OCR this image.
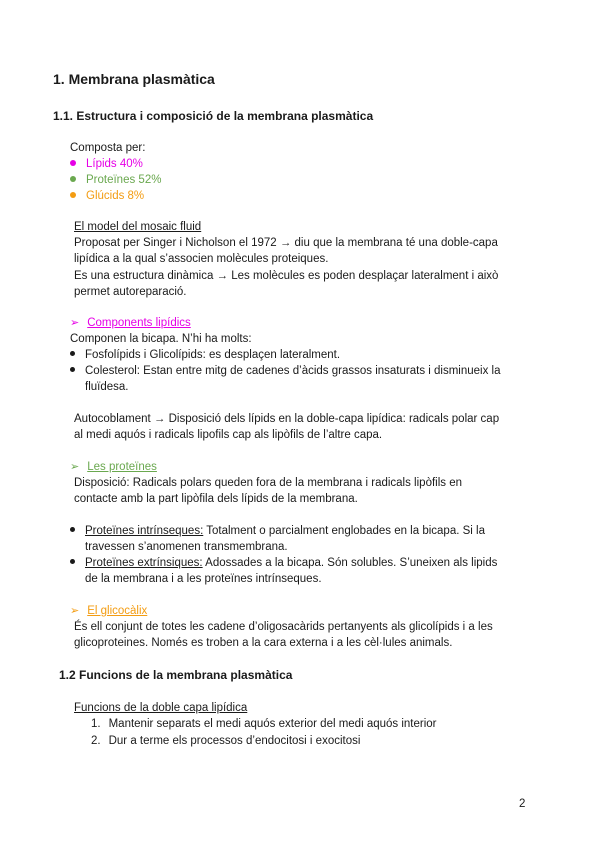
1. Membrana plasmàtica
1.1. Estructura i composició de la membrana plasmàtica
Composta per:
Lípids 40%
Proteïnes 52%
Glúcids 8%
El model del mosaic fluid
Proposat per Singer i Nicholson el 1972 → diu que la membrana té una doble-capa
lipídica a la qual s’associen molècules proteiques.
Es una estructura dinàmica → Les molècules es poden desplaçar lateralment i això
permet autoreparació.
➢ Components lipídics
Componen la bicapa. N’hi ha molts:
Fosfolípids i Glicolípids: es desplaçen lateralment.
Colesterol: Estan entre mitg de cadenes d’àcids grassos insaturats i disminueix la
fluïdesa.
Autocoblament → Disposició dels lípids en la doble-capa lipídica: radicals polar cap
al medi aquós i radicals lipofils cap als lipòfils de l’altre capa.
➢ Les proteïnes
Disposició: Radicals polars queden fora de la membrana i radicals lipòfils en
contacte amb la part lipòfila dels lípids de la membrana.
Proteïnes intrínseques: Totalment o parcialment englobades en la bicapa. Si la
travessen s’anomenen transmembrana.
Proteïnes extrínsiques: Adossades a la bicapa. Són solubles. S’uneixen als lipids
de la membrana i a les proteïnes intrínseques.
➢ El glicocàlix
És ell conjunt de totes les cadene d’oligosacàrids pertanyents als glicolípids i a les
glicoproteines. Només es troben a la cara externa i a les cèl·lules animals.
1.2 Funcions de la membrana plasmàtica
Funcions de la doble capa lipídica
1. Mantenir separats el medi aquós exterior del medi aquós interior
2. Dur a terme els processos d’endocitosi i exocitosi
2
